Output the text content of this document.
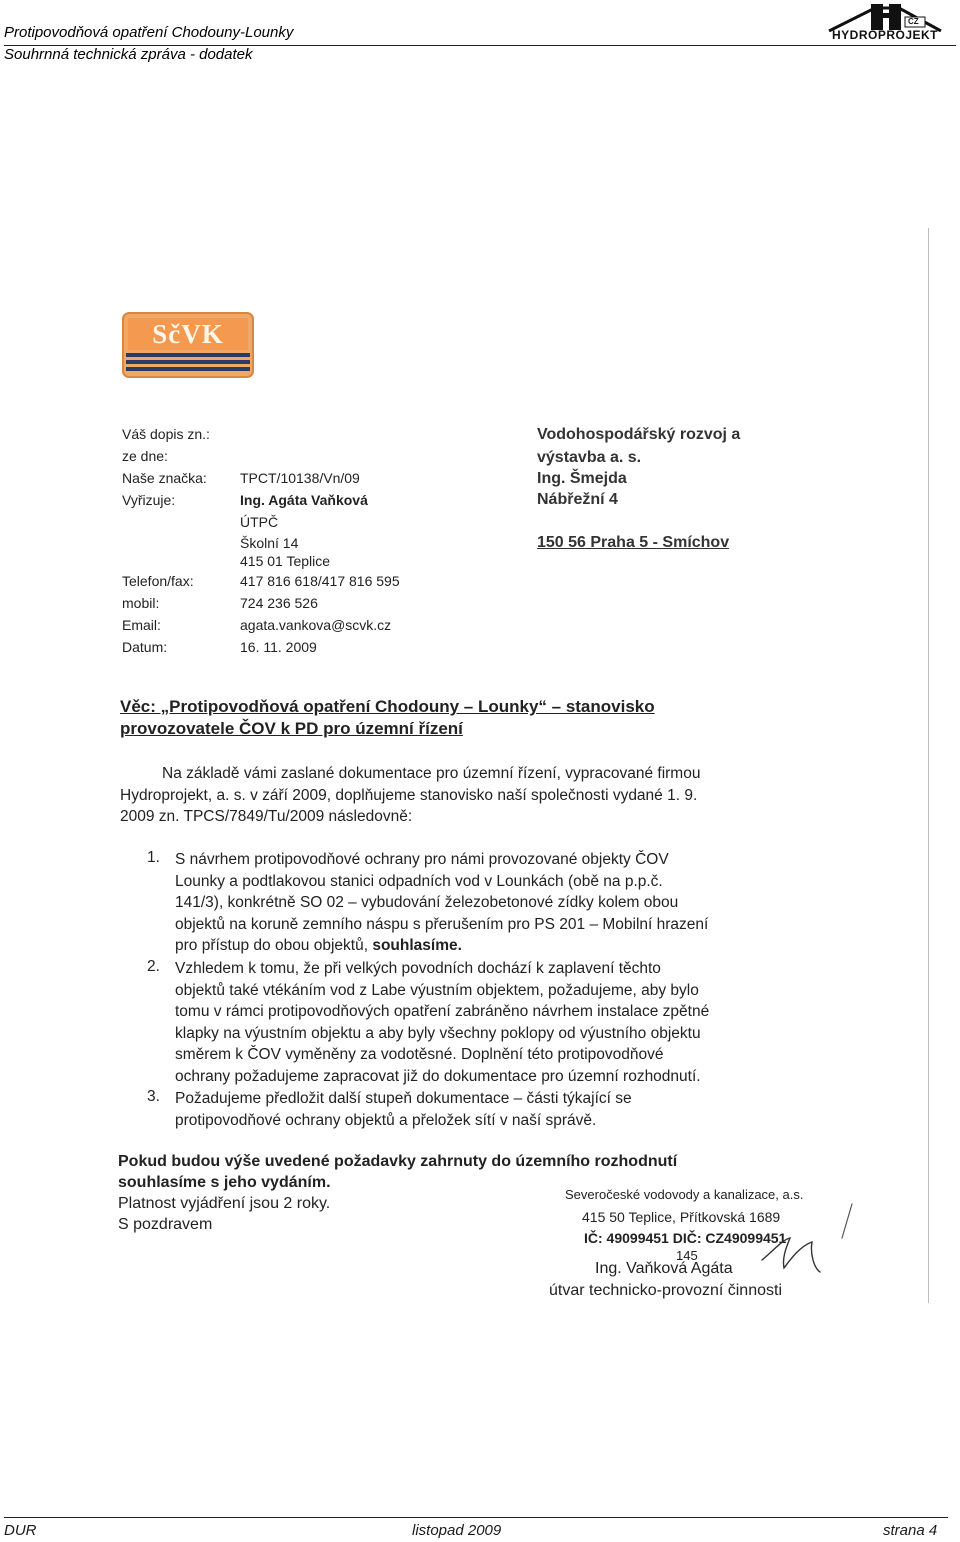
Protipovodňová opatření Chodouny-Lounky
Souhrnná technická zpráva - dodatek
CZ
HYDROPROJEKT
SčVK
Váš dopis zn.:
ze dne:
Naše značka: TPCT/10138/Vn/09
Vyřizuje:	Ing. Agáta Vaňková
ÚTPČ
Školní 14
415 01 Teplice
Telefon/fax:	417 816 618/417 816 595
mobil:	724 236 526
Email:	agata.vankova@scvk.cz
Datum:	16. 11. 2009
Vodohospodářský rozvoj a
výstavba a. s.
Ing. Šmejda
Nábřežní 4
150 56 Praha 5 - Smíchov
Věc: „Protipovodňová opatření Chodouny – Lounky“ – stanovisko
provozovatele ČOV k PD pro územní řízení
Na základě vámi zaslané dokumentace pro územní řízení, vypracované firmou
Hydroprojekt, a. s. v září 2009, doplňujeme stanovisko naší společnosti vydané 1. 9.
2009 zn. TPCS/7849/Tu/2009 následovně:
1. S návrhem protipovodňové ochrany pro námi provozované objekty ČOV
Lounky a podtlakovou stanici odpadních vod v Lounkách (obě na p.p.č.
141/3), konkrétně SO 02 – vybudování železobetonové zídky kolem obou
objektů na koruně zemního náspu s přerušením pro PS 201 – Mobilní hrazení
pro přístup do obou objektů, souhlasíme.
2. Vzhledem k tomu, že při velkých povodních dochází k zaplavení těchto
objektů také vtékáním vod z Labe výustním objektem, požadujeme, aby bylo
tomu v rámci protipovodňových opatření zabráněno návrhem instalace zpětné
klapky na výustním objektu a aby byly všechny poklopy od výustního objektu
směrem k ČOV vyměněny za vodotěsné. Doplnění této protipovodňové
ochrany požadujeme zapracovat již do dokumentace pro územní rozhodnutí.
3. Požadujeme předložit další stupeň dokumentace – části týkající se
protipovodňové ochrany objektů a přeložek sítí v naší správě.
Pokud budou výše uvedené požadavky zahrnuty do územního rozhodnutí
souhlasíme s jeho vydáním.
Platnost vyjádření jsou 2 roky.
S pozdravem
Severočeské vodovody a kanalizace, a.s.
415 50 Teplice, Přítkovská 1689
IČ: 49099451 DIČ: CZ49099451
145
Ing. Vaňková Agáta
útvar technicko-provozní činnosti
DUR	listopad 2009	strana 4
